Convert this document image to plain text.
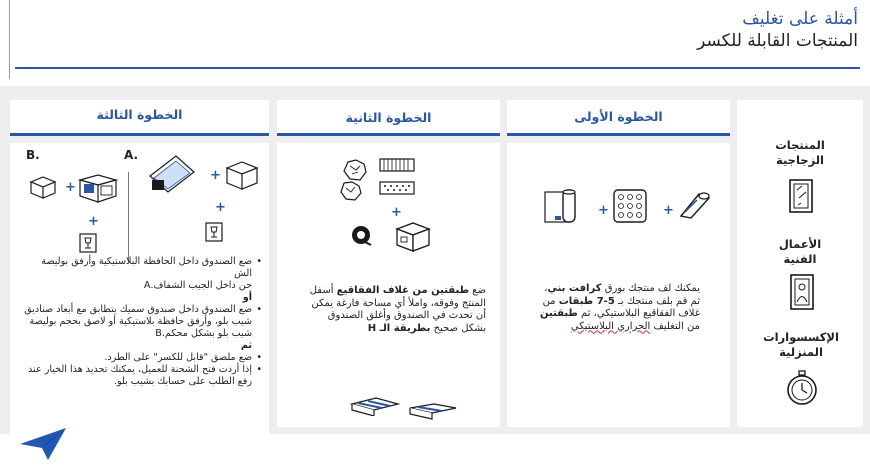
أمثلة على تغليف
المنتجات القابلة للكسر
المنتجات
الزجاجية
الأعمال
الفنية
الإكسسوارات
المنزلية
الخطوة الأولى
+	+
يمكنك لف منتجك بورق كرافت بني، ثم قم بلف منتجك بـ 5-7 طبقات من غلاف الفقاقيع البلاستيكي، ثم طبقتين من التغليف الحراري البلاستيكي
الخطوة الثانية
+
ضع طبقتين من غلاف الفقاقيع أسفل المنتج وفوقه، واملأ أي مساحة فارغة يمكن أن تحدث في الصندوق وأغلق الصندوق بشكل صحيح بطريقة الـ H
الخطوة الثالثة
B.	A.
+
+
+
+
• ضع الصندوق داخل الحافظة البلاستيكية وأرفق بوليصة الش
حن داخل الجيب الشفاف.A
أو
• ضع الصندوق داخل صندوق سميك يتطابق مع أبعاد صناديق شيب بلو، وأرفق حافظة بلاستيكية أو لاصق بحجم بوليصة شيب بلو بشكل محكم.B
ثم
• ضع ملصق "قابل للكسر" على الطرد.
• إذا أردت فتح الشحنة للعميل، يمكنك تحديد هذا الخيار عند رفع الطلب على حسابك بشيب بلو.
